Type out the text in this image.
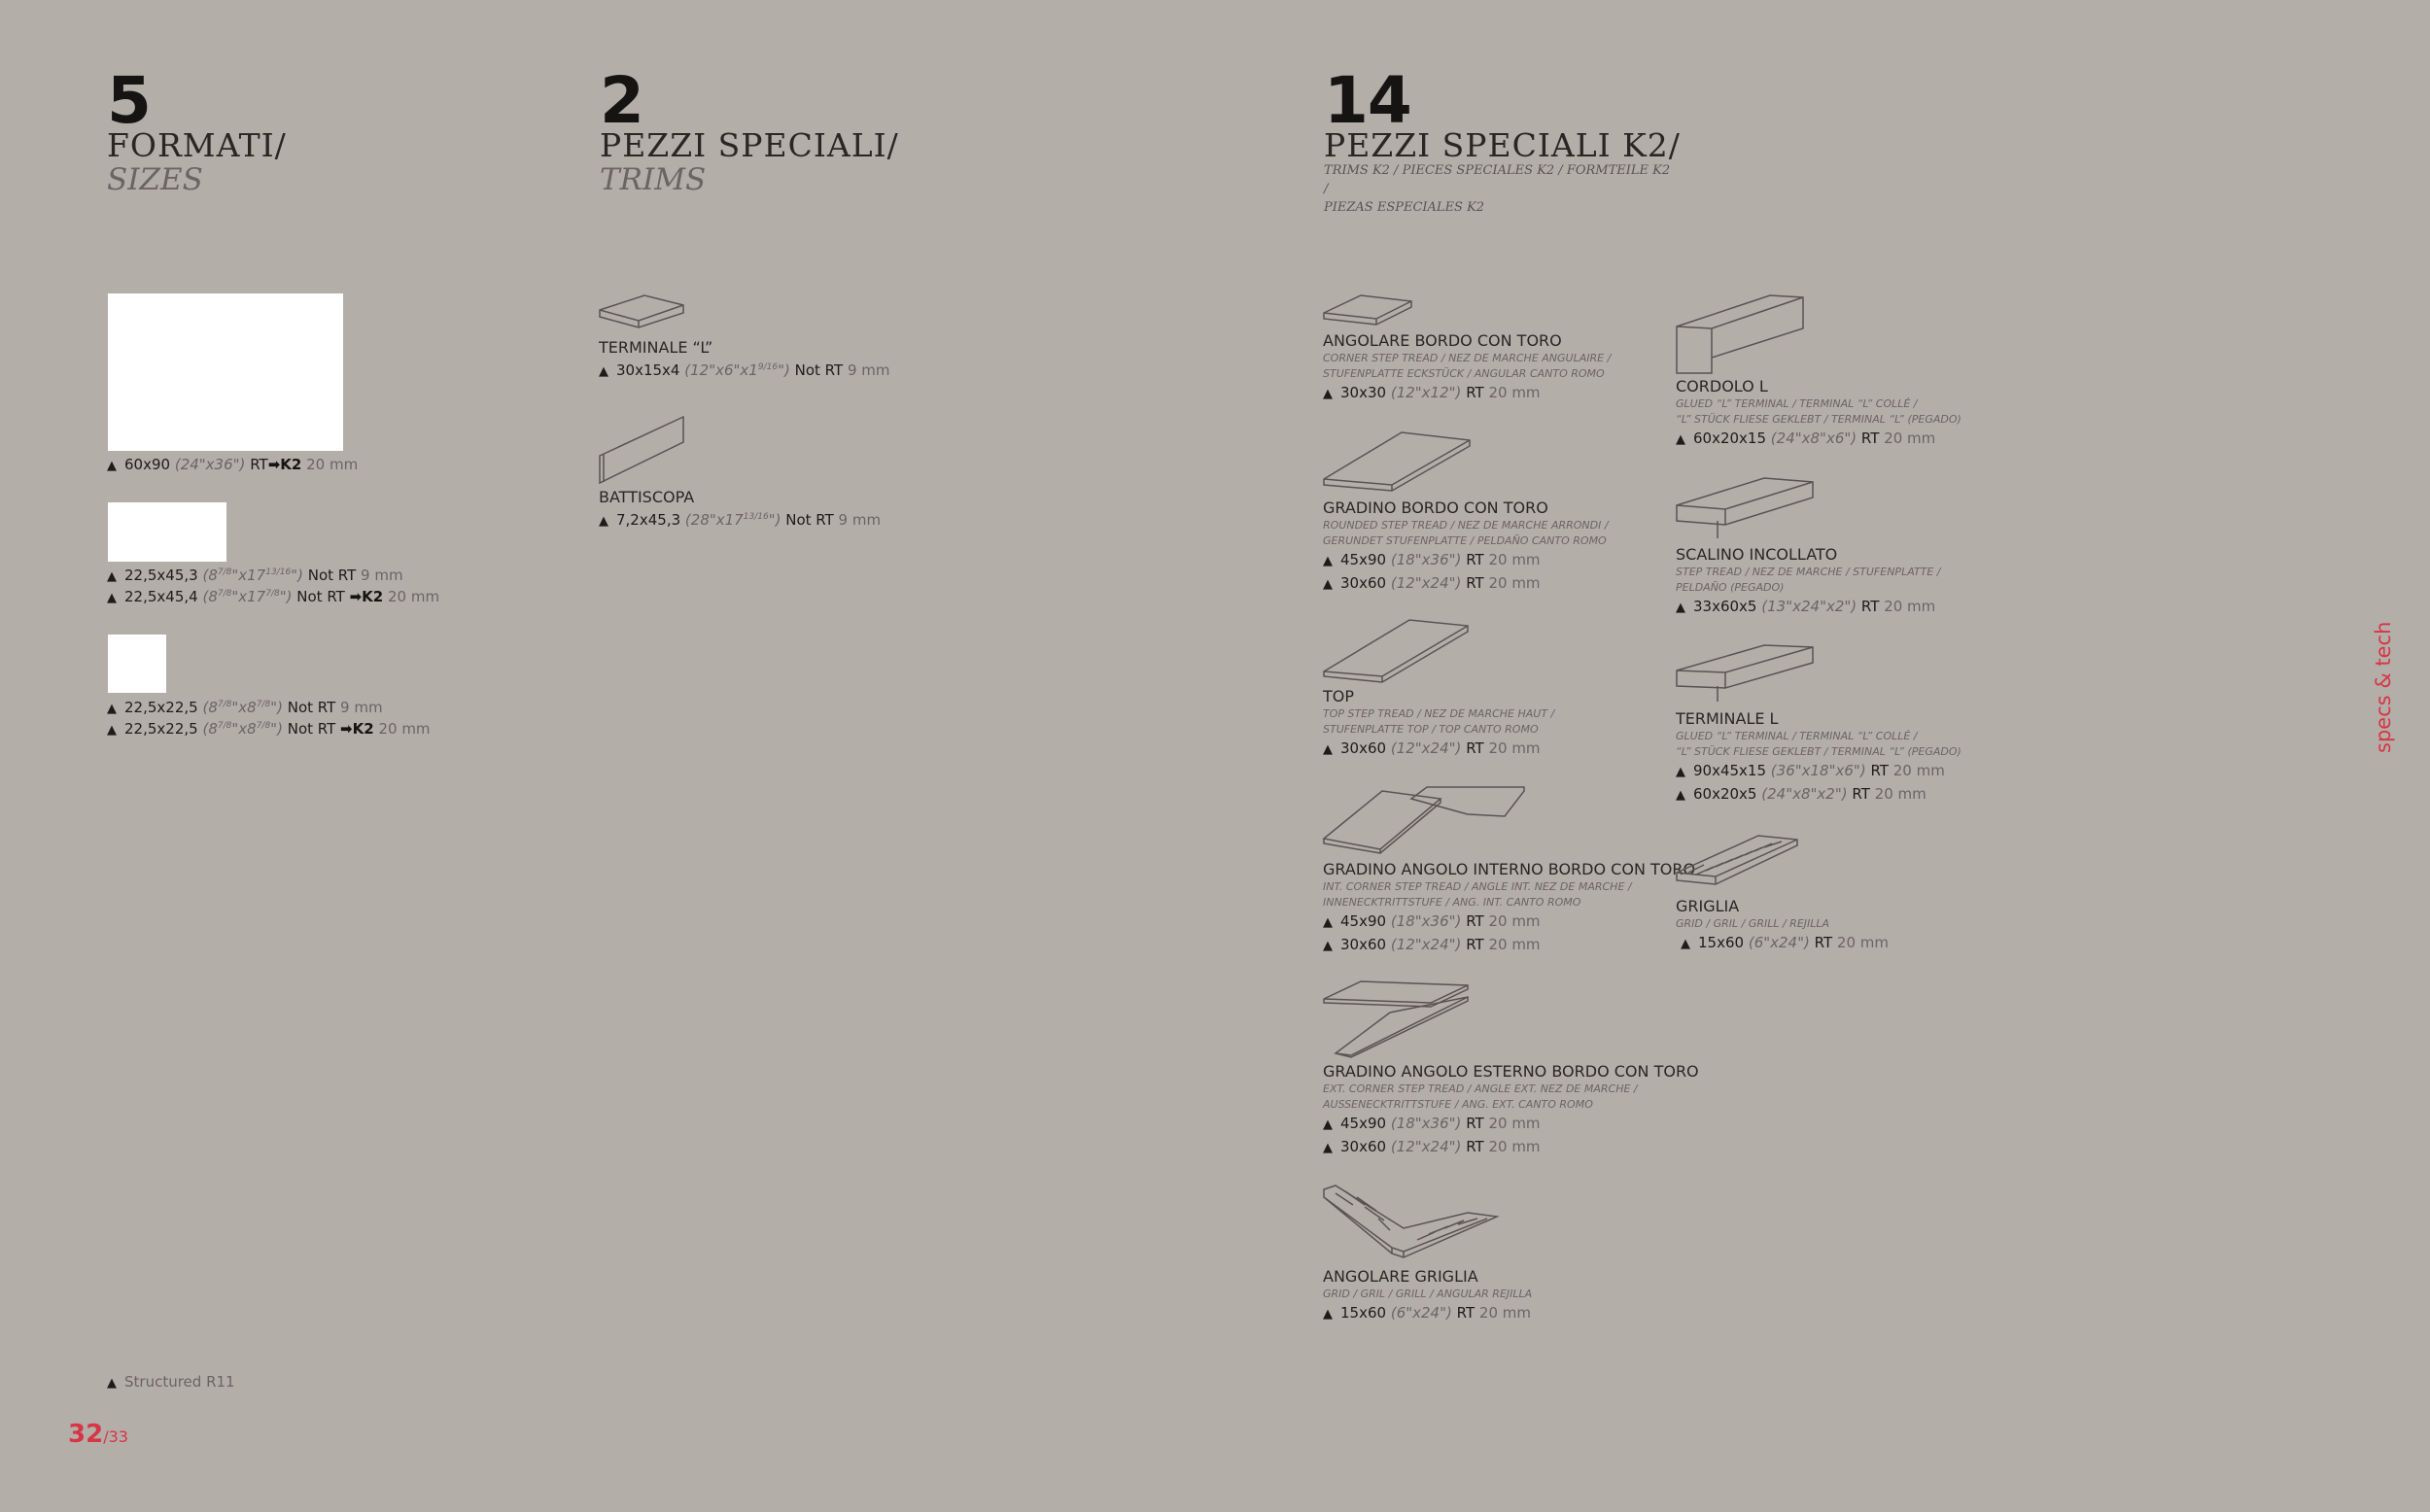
5
FORMATI/
SIZES
▲ 60x90 (24"x36") RT➡K2 20 mm
▲ 22,5x45,3 $(8^{7/8}"x17^{13/16}")$ Not RT 9 mm
▲ 22,5x45,4 $(8^{7/8}"x17^{7/8}")$ Not RT ➡K2 20 mm
▲ 22,5x22,5 $(8^{7/8}"x8^{7/8}")$ Not RT 9 mm
▲ 22,5x22,5 $(8^{7/8}"x8^{7/8}")$ Not RT ➡K2 20 mm
▲ Structured R11
2
PEZZI SPECIALI/
TRIMS
TERMINALE “L”
▲ 30x15x4 $(12"x6"x1^{9/16}")$ Not RT 9 mm
BATTISCOPA
▲ 7,2x45,3 $(28"x17^{13/16}")$ Not RT 9 mm
14
PEZZI SPECIALI K2/
TRIMS K2 / PIECES SPECIALES K2 / FORMTEILE K2 /
PIEZAS ESPECIALES K2
ANGOLARE BORDO CON TORO
CORNER STEP TREAD / NEZ DE MARCHE ANGULAIRE /
STUFENPLATTE ECKSTÜCK / ANGULAR CANTO ROMO
▲ 30x30 (12"x12") RT 20 mm
GRADINO BORDO CON TORO
ROUNDED STEP TREAD / NEZ DE MARCHE ARRONDI /
GERUNDET STUFENPLATTE / PELDAÑO CANTO ROMO
▲ 45x90 (18"x36") RT 20 mm
▲ 30x60 (12"x24") RT 20 mm
TOP
TOP STEP TREAD / NEZ DE MARCHE HAUT /
STUFENPLATTE TOP / TOP CANTO ROMO
▲ 30x60 (12"x24") RT 20 mm
GRADINO ANGOLO INTERNO BORDO CON TORO
INT. CORNER STEP TREAD / ANGLE INT. NEZ DE MARCHE /
INNENECKTRITTSTUFE / ANG. INT. CANTO ROMO
▲ 45x90 (18"x36") RT 20 mm
▲ 30x60 (12"x24") RT 20 mm
GRADINO ANGOLO ESTERNO BORDO CON TORO
EXT. CORNER STEP TREAD / ANGLE EXT. NEZ DE MARCHE /
AUSSENECKTRITTSTUFE / ANG. EXT. CANTO ROMO
▲ 45x90 (18"x36") RT 20 mm
▲ 30x60 (12"x24") RT 20 mm
ANGOLARE GRIGLIA
GRID / GRIL / GRILL / ANGULAR REJILLA
▲ 15x60 (6"x24") RT 20 mm
CORDOLO L
GLUED “L” TERMINAL / TERMINAL “L” COLLÉ /
“L” STÜCK FLIESE GEKLEBT / TERMINAL “L” (PEGADO)
▲ 60x20x15 (24"x8"x6") RT 20 mm
SCALINO INCOLLATO
STEP TREAD / NEZ DE MARCHE / STUFENPLATTE /
PELDAÑO (PEGADO)
▲ 33x60x5 (13"x24"x2") RT 20 mm
TERMINALE L
GLUED “L” TERMINAL / TERMINAL “L” COLLÉ /
“L” STÜCK FLIESE GEKLEBT / TERMINAL “L” (PEGADO)
▲ 90x45x15 (36"x18"x6") RT 20 mm
▲ 60x20x5 (24"x8"x2") RT 20 mm
GRIGLIA
GRID / GRIL / GRILL / REJILLA
▲ 15x60 (6"x24") RT 20 mm
specs & tech
32/33
